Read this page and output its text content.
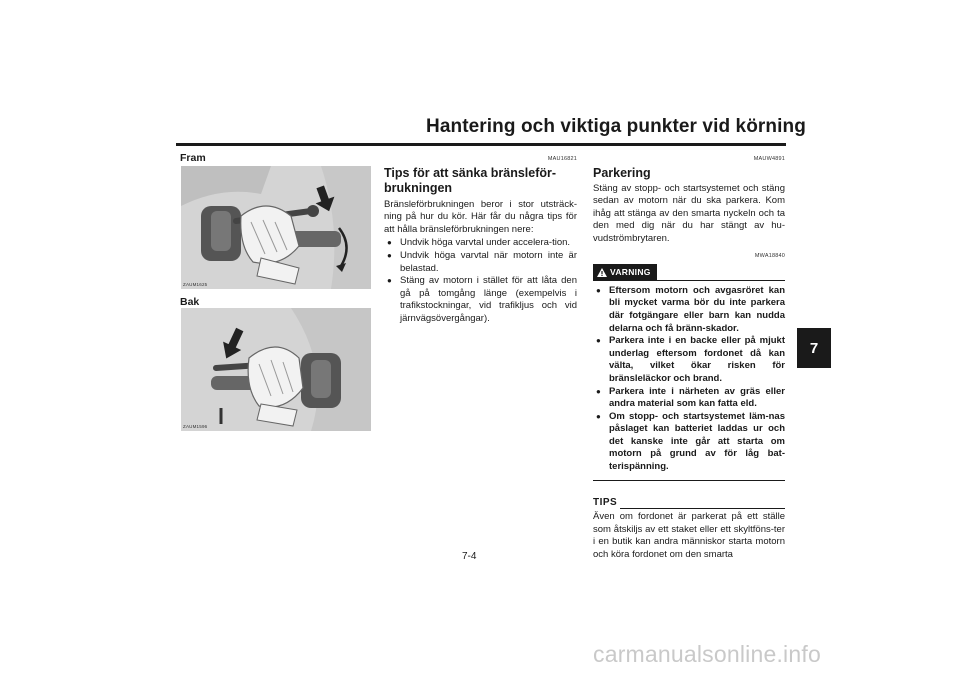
Hantering och viktiga punkter vid körning
7
Fram
ZAUM1625
Bak
ZAUM1596
MAU16821
Tips för att sänka bränsleför-brukningen

Bränsleförbrukningen beror i stor utsträck-ning på hur du kör. Här får du några tips för att hålla bränsleförbrukningen nere:

● Undvik höga varvtal under accelera-tion.
● Undvik höga varvtal när motorn inte är belastad.
● Stäng av motorn i stället för att låta den gå på tomgång länge (exempelvis i trafikstockningar, vid trafikljus och vid järnvägsövergångar).
MAUW4891
Parkering

Stäng av stopp- och startsystemet och stäng sedan av motorn när du ska parkera. Kom ihåg att stänga av den smarta nyckeln och ta den med dig när du har stängt av hu-vudströmbrytaren.

MWA18840
VARNING
● Eftersom motorn och avgasröret kan bli mycket varma bör du inte parkera där fotgängare eller barn kan nudda delarna och få bränn-skador.
● Parkera inte i en backe eller på mjukt underlag eftersom fordonet då kan välta, vilket ökar risken för bränsleläckor och brand.
● Parkera inte i närheten av gräs eller andra material som kan fatta eld.
● Om stopp- och startsystemet läm-nas påslaget kan batteriet laddas ur och det kanske inte går att starta om motorn på grund av för låg bat-terispänning.
TIPS

Även om fordonet är parkerat på ett ställe som åtskiljs av ett staket eller ett skyltföns-ter i en butik kan andra människor starta motorn och köra fordonet om den smarta

7-4
carmanualsonline.info
